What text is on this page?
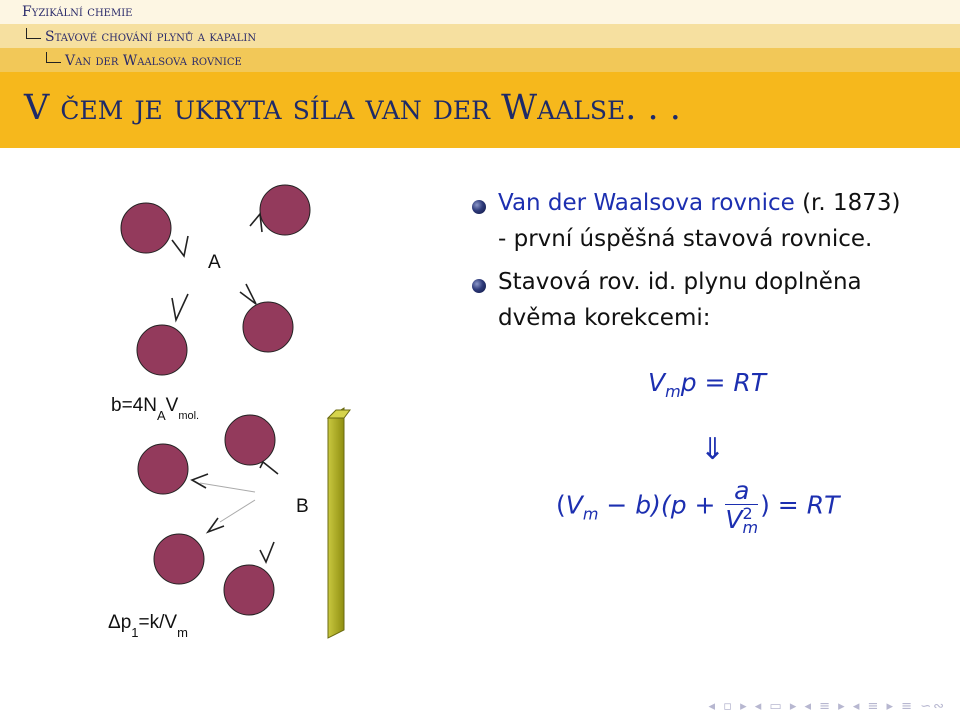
Fyzikální chemie
Stavové chování plynů a kapalin
Van der Waalsova rovnice
V čem je ukryta síla van der Waalse. . .
A
B
$b=4N_AV_{mol.}$
$\Delta p_1=k/V_m$
Van der Waalsova rovnice (r. 1873)
- první úspěšná stavová rovnice.
Stavová rov. id. plynu doplněna
dvěma korekcemi:
$V_mp$ = RT
⇓
$(V_m - b)(p + a$
V 2
m ) = RT
◂ ▫ ▸ ◂ ▭ ▸ ◂ ≡ ▸ ◂ ≡ ▸ ≡ ∽∾
